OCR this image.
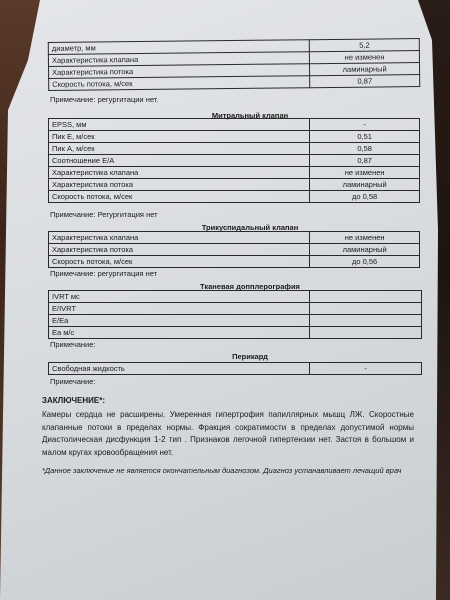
диаметр, мм	5,2
Характеристика клапана	не изменен
Характеристика потока	ламинарный
Скорость потока, м/сек	0,87
Примечание: регургитации нет.
Митральный клапан
EPSS, мм	-
Пик Е, м/сек	0,51
Пик А, м/сек	0,58
Соотношение Е/А	0,87
Характеристика клапана	не изменен
Характеристика потока	ламинарный
Скорость потока, м/сек	до 0,58
Примечание: Регургитация нет
Трикуспидальный клапан
Характеристика клапана	не изменен
Характеристика потока	ламинарный
Скорость потока, м/сек	до 0,56
Примечание: регургитация нет
Тканевая допплерография
IVRT мс	
E/IVRT	
E/Ea	
Ea м/с	
Примечание:
Перикард
Свободная жидкость	-
Примечание:
ЗАКЛЮЧЕНИЕ*:
Камеры сердца не расширены. Умеренная гипертрофия папиллярных мышц ЛЖ. Скоростные клапанные потоки в пределах нормы. Фракция сократимости в пределах допустимой нормы Диастолическая дисфункция 1-2 тип . Признаков легочной гипертензии нет. Застоя в большом и малом кругах кровообращения нет.
*Данное заключение не является окончательным диагнозом. Диагноз устанавливает лечащий врач
